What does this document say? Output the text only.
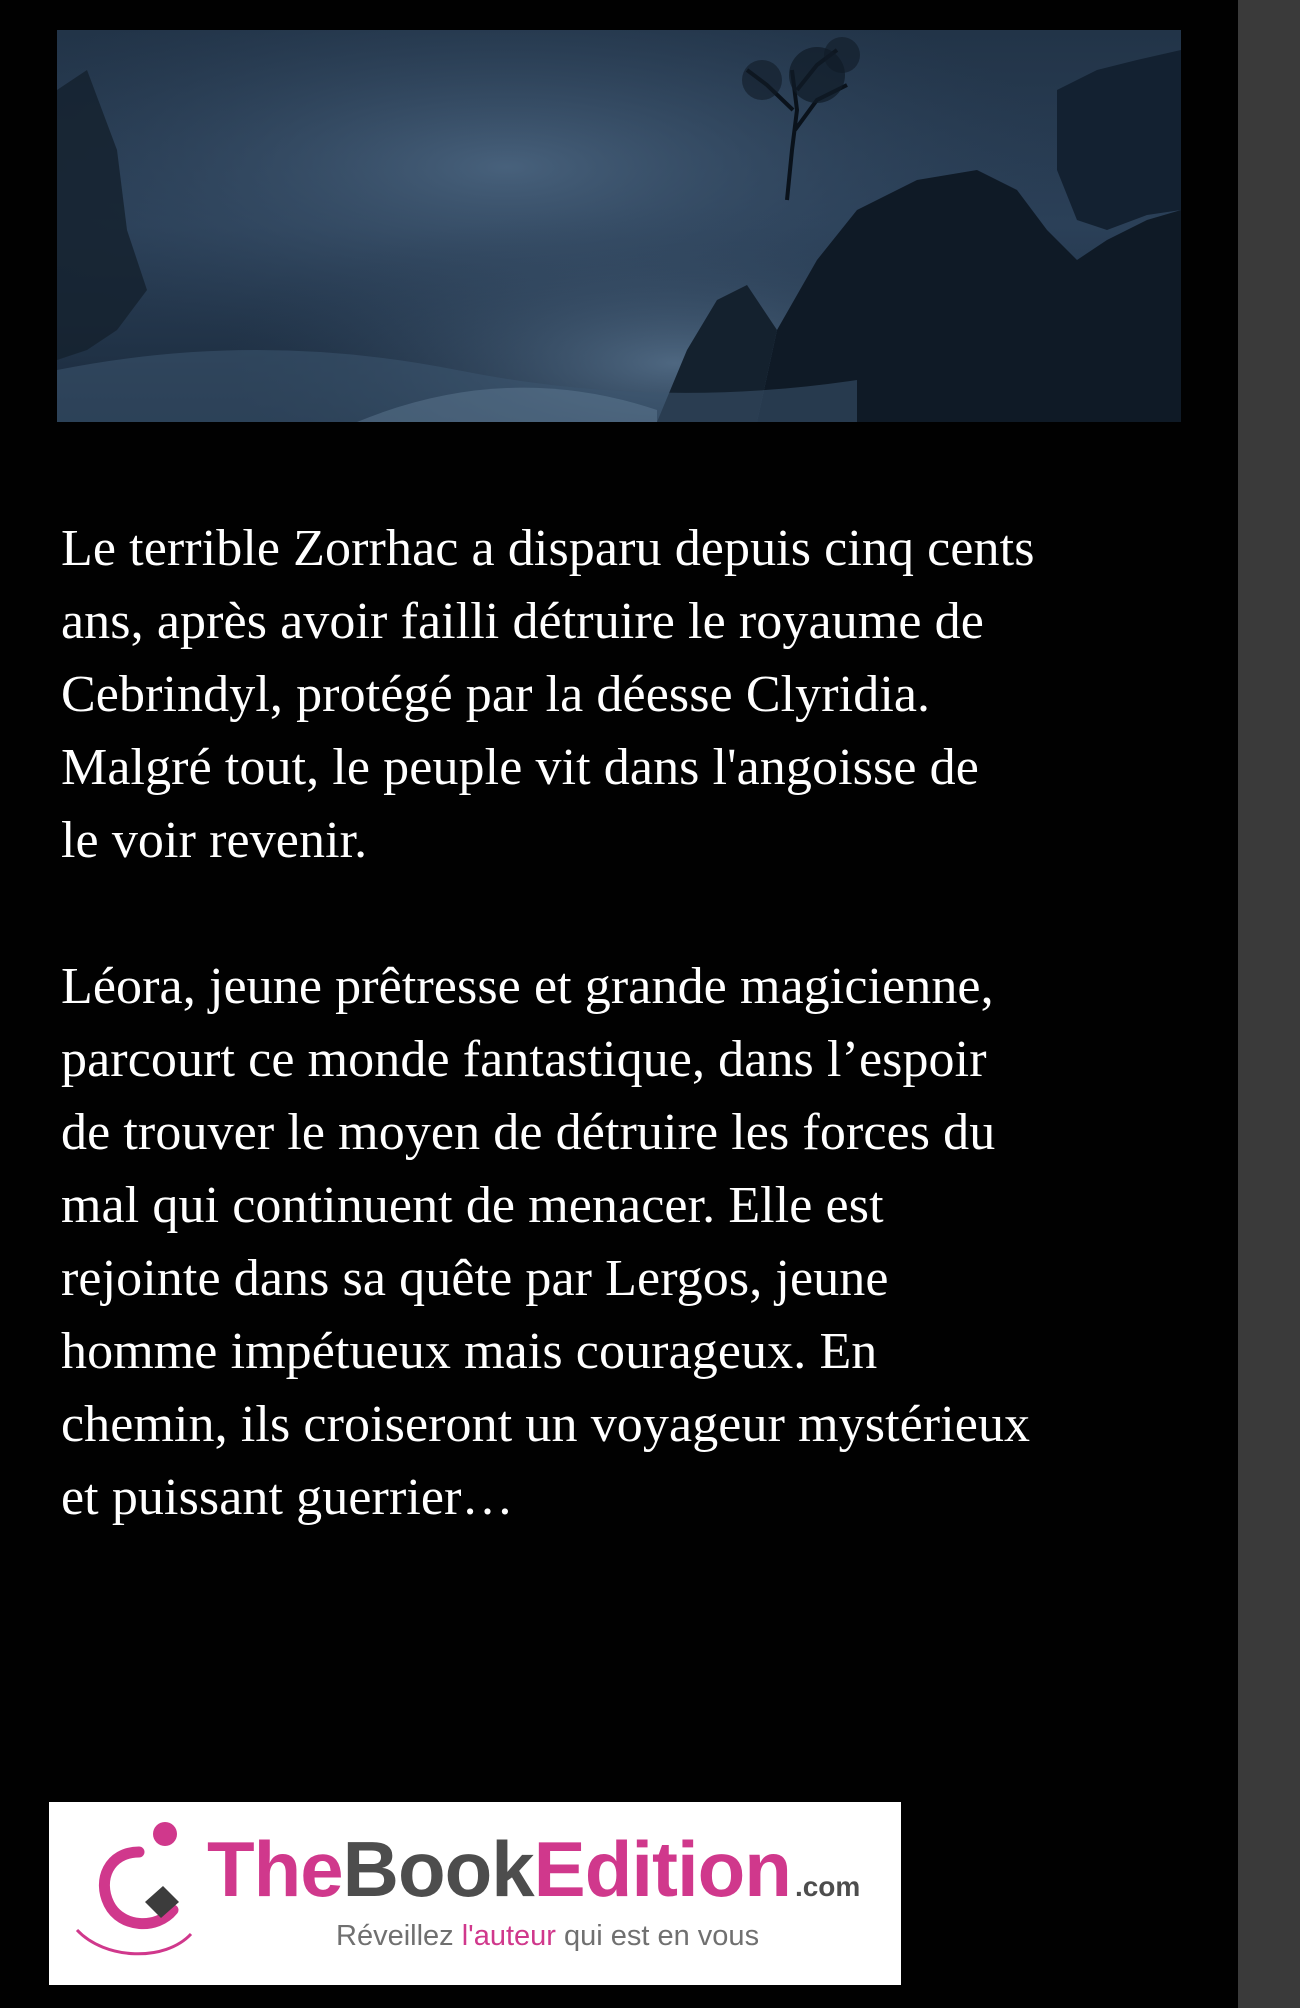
Le terrible Zorrhac a disparu depuis cinq cents
ans, après avoir failli détruire le royaume de
Cebrindyl, protégé par la déesse Clyridia.
Malgré tout, le peuple vit dans l'angoisse de
le voir revenir.

Léora, jeune prêtresse et grande magicienne,
parcourt ce monde fantastique, dans l’espoir
de trouver le moyen de détruire les forces du
mal qui continuent de menacer. Elle est
rejointe dans sa quête par Lergos, jeune
homme impétueux mais courageux. En
chemin, ils croiseront un voyageur mystérieux
et puissant guerrier…

TheBookEdition .com
Réveillez l'auteur qui est en vous
